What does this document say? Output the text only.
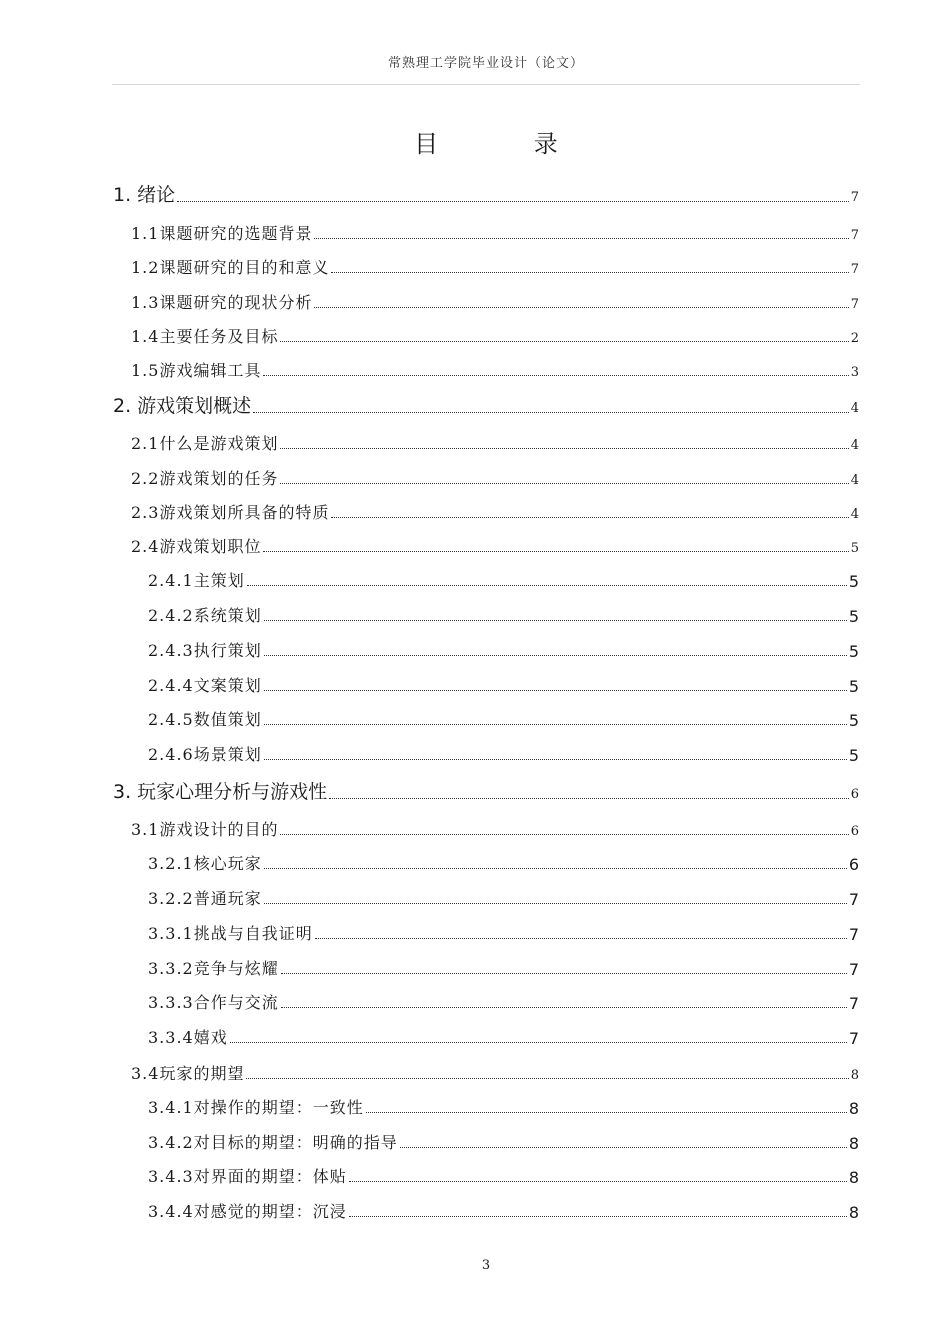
常熟理工学院毕业设计（论文）
目 录
1. 绪论	7
1.1课题研究的选题背景	7
1.2课题研究的目的和意义	7
1.3课题研究的现状分析	7
1.4主要任务及目标	2
1.5游戏编辑工具	3
2. 游戏策划概述	4
2.1什么是游戏策划	4
2.2游戏策划的任务	4
2.3游戏策划所具备的特质	4
2.4游戏策划职位	5
2.4.1主策划	5
2.4.2系统策划	5
2.4.3执行策划	5
2.4.4文案策划	5
2.4.5数值策划	5
2.4.6场景策划	5
3. 玩家心理分析与游戏性	6
3.1游戏设计的目的	6
3.2.1核心玩家	6
3.2.2普通玩家	7
3.3.1挑战与自我证明	7
3.3.2竞争与炫耀	7
3.3.3合作与交流	7
3.3.4嬉戏	7
3.4玩家的期望	8
3.4.1对操作的期望：一致性	8
3.4.2对目标的期望：明确的指导	8
3.4.3对界面的期望：体贴	8
3.4.4对感觉的期望：沉浸	8
3
